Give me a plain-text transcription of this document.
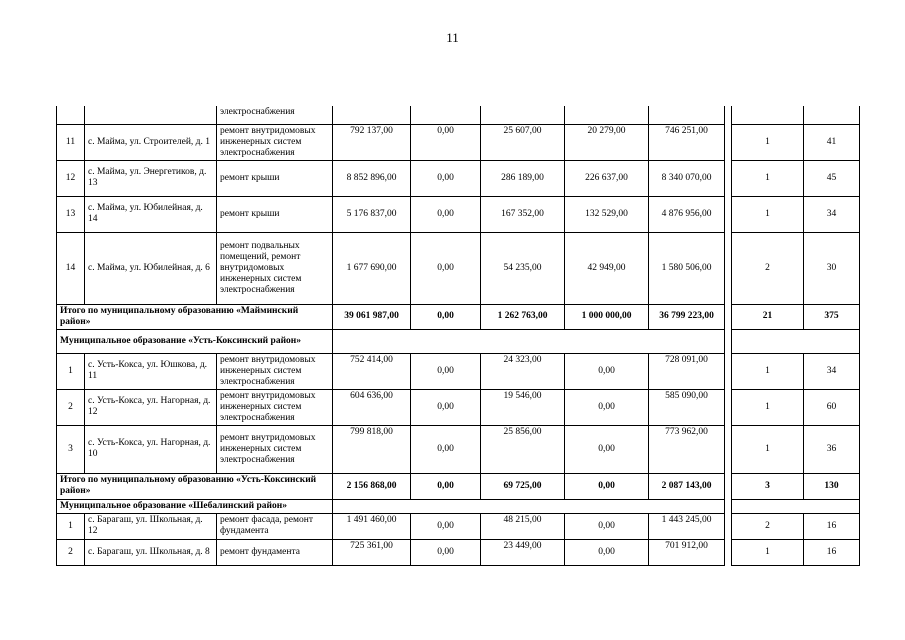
11
		электроснабжения								
11	с. Майма, ул. Строителей, д. 1	ремонт внутридомовых инженерных систем электроснабжения	792 137,00	0,00	25 607,00	20 279,00	746 251,00		1	41
12	с. Майма, ул. Энергетиков, д. 13	ремонт крыши	8 852 896,00	0,00	286 189,00	226 637,00	8 340 070,00		1	45
13	с. Майма, ул. Юбилейная, д. 14	ремонт крыши	5 176 837,00	0,00	167 352,00	132 529,00	4 876 956,00		1	34
14	с. Майма, ул. Юбилейная, д. 6	ремонт подвальных помещений, ремонт внутридомовых инженерных систем электроснабжения	1 677 690,00	0,00	54 235,00	42 949,00	1 580 506,00		2	30
Итого по муниципальному образованию «Майминский район»			39 061 987,00	0,00	1 262 763,00	1 000 000,00	36 799 223,00		21	375
Муниципальное образование «Усть-Коксинский район»										
1	с. Усть-Кокса, ул. Юшкова, д. 11	ремонт внутридомовых инженерных систем электроснабжения	752 414,00	0,00	24 323,00	0,00	728 091,00		1	34
2	с. Усть-Кокса, ул. Нагорная, д. 12	ремонт внутридомовых инженерных систем электроснабжения	604 636,00	0,00	19 546,00	0,00	585 090,00		1	60
3	с. Усть-Кокса, ул. Нагорная, д. 10	ремонт внутридомовых инженерных систем электроснабжения	799 818,00	0,00	25 856,00	0,00	773 962,00		1	36
Итого по муниципальному образованию «Усть-Коксинский район»			2 156 868,00	0,00	69 725,00	0,00	2 087 143,00		3	130
Муниципальное образование «Шебалинский район»										
1	с. Барагаш, ул. Школьная, д. 12	ремонт фасада, ремонт фундамента	1 491 460,00	0,00	48 215,00	0,00	1 443 245,00		2	16
2	с. Барагаш, ул. Школьная, д. 8	ремонт фундамента	725 361,00	0,00	23 449,00	0,00	701 912,00		1	16
